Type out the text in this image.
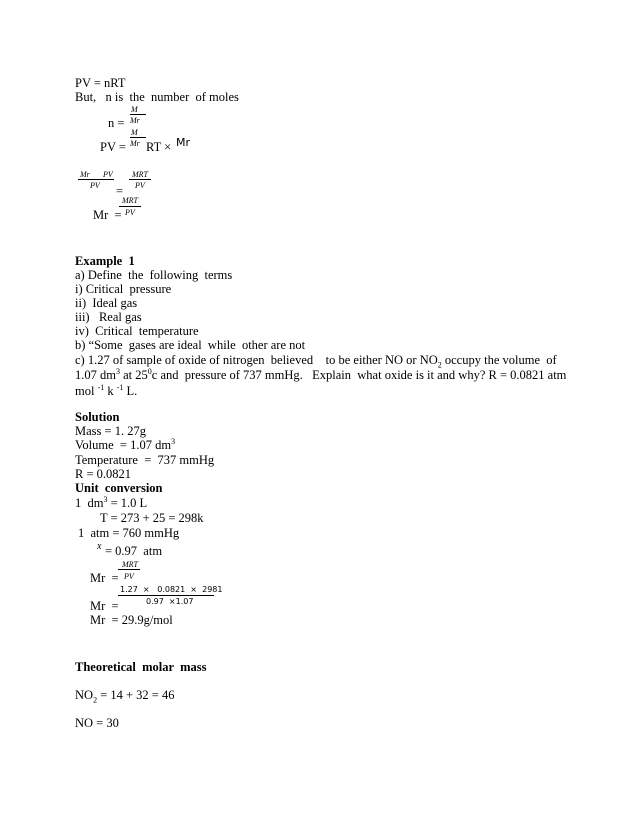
PV = nRT
But,   n is  the  number  of moles
M
n = Mr
M
PV = Mr RT × Mr
Mr PV
PV =
MRT
PV
MRT
Mr  = PV
Example  1
a) Define  the  following  terms
i) Critical  pressure
ii)  Ideal gas
iii)   Real gas
iv)  Critical  temperature
b) “Some  gases are ideal  while  other are not
c) 1.27 of sample of oxide of nitrogen  believed    to be either NO or $NO_2$ occupy the volume  of
1.07 $dm^3$ at $25^0c$ and  pressure of 737 mmHg.   Explain  what oxide is it and why? R = 0.0821 atm
mol $^{-1}$ k $^{-1}$ L.
Solution
Mass = 1. 27g
Volume  = 1.07 $dm^3$
Temperature  =  737 mmHg
R = 0.0821
Unit  conversion
1  $dm^3 = 1.0$ L
T = 273 + 25 = 298k
1  atm = 760 mmHg
x = 0.97  atm
MRT
Mr  = PV
1.27  ×   0.0821  ×  2981
0.97  ×1.07
Mr  =
Mr  = 29.9g/mol
Theoretical  molar  mass
$NO_2 = 14 + 32 = 46$
NO = 30
